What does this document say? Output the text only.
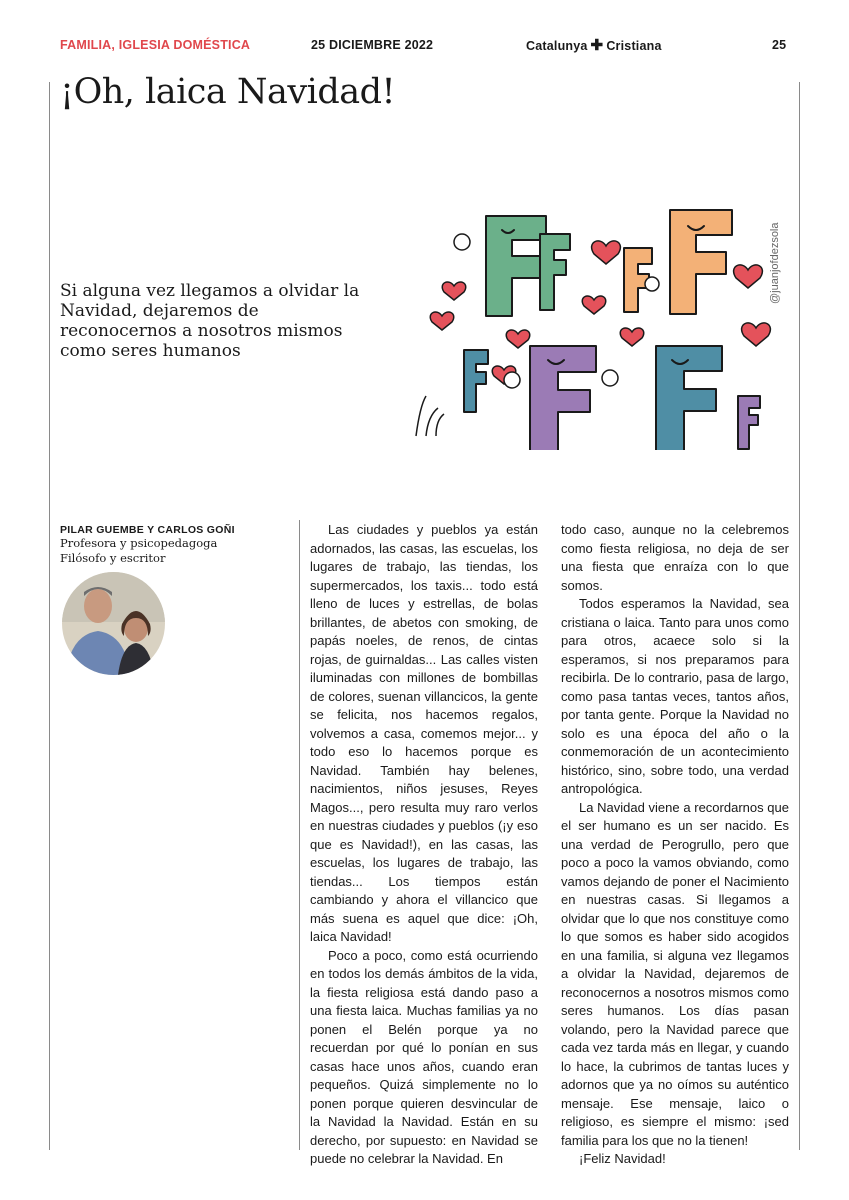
FAMILIA, IGLESIA DOMÉSTICA	25 DICIEMBRE 2022	Catalunya ✚ Cristiana	25
¡Oh, laica Navidad!
Si alguna vez llegamos a olvidar la Navidad, dejaremos de reconocernos a nosotros mismos como seres humanos
@juanjofdezsola
PILAR GUEMBE Y CARLOS GOÑI
Profesora y psicopedagoga
Filósofo y escritor

Las ciudades y pueblos ya están adornados, las casas, las escuelas, los lugares de trabajo, las tiendas, los supermercados, los taxis... todo está lleno de luces y estrellas, de bolas brillantes, de abetos con smoking, de papás noeles, de renos, de cintas rojas, de guirnaldas... Las calles visten iluminadas con millones de bombillas de colores, suenan villancicos, la gente se felicita, nos hacemos regalos, volvemos a casa, comemos mejor... y todo eso lo hacemos porque es Navidad. También hay belenes, nacimientos, niños jesuses, Reyes Magos..., pero resulta muy raro verlos en nuestras ciudades y pueblos (¡y eso que es Navidad!), en las casas, las escuelas, los lugares de trabajo, las tiendas... Los tiempos están cambiando y ahora el villancico que más suena es aquel que dice: ¡Oh, laica Navidad!

Poco a poco, como está ocurriendo en todos los demás ámbitos de la vida, la fiesta religiosa está dando paso a una fiesta laica. Muchas familias ya no ponen el Belén porque ya no recuerdan por qué lo ponían en sus casas hace unos años, cuando eran pequeños. Quizá simplemente no lo ponen porque quieren desvincular de la Navidad la Navidad. Están en su derecho, por supuesto: en Navidad se puede no celebrar la Navidad. En

todo caso, aunque no la celebremos como fiesta religiosa, no deja de ser una fiesta que enraíza con lo que somos.

Todos esperamos la Navidad, sea cristiana o laica. Tanto para unos como para otros, acaece solo si la esperamos, si nos preparamos para recibirla. De lo contrario, pasa de largo, como pasa tantas veces, tantos años, por tanta gente. Porque la Navidad no solo es una época del año o la conmemoración de un acontecimiento histórico, sino, sobre todo, una verdad antropológica.

La Navidad viene a recordarnos que el ser humano es un ser nacido. Es una verdad de Perogrullo, pero que poco a poco la vamos obviando, como vamos dejando de poner el Nacimiento en nuestras casas. Si llegamos a olvidar que lo que nos constituye como lo que somos es haber sido acogidos en una familia, si alguna vez llegamos a olvidar la Navidad, dejaremos de reconocernos a nosotros mismos como seres humanos. Los días pasan volando, pero la Navidad parece que cada vez tarda más en llegar, y cuando lo hace, la cubrimos de tantas luces y adornos que ya no oímos su auténtico mensaje. Ese mensaje, laico o religioso, es siempre el mismo: ¡sed familia para los que no la tienen!

¡Feliz Navidad!
